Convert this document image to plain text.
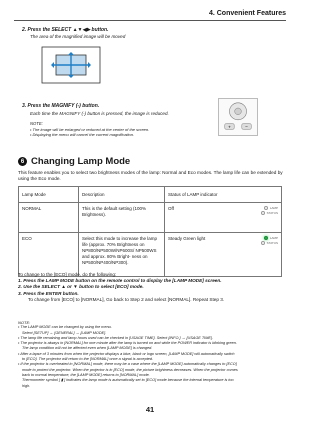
4. Convenient Features
2. Press the SELECT ▲▼◀▶ button.
The area of the magnified image will be moved
3. Press the MAGNIFY (-) button.
Each time the MAGNIFY (-) button is pressed, the image is reduced.
NOTE:
• The image will be enlarged or reduced at the center of the screen.
• Displaying the menu will cancel the current magnification.
+	−
6 Changing Lamp Mode
This feature enables you to select two brightness modes of the lamp: Normal and Eco modes. The lamp life can be extended by using the Eco mode.
Lamp Mode	Description	Status of LAMP indicator
NORMAL	This is the default setting (100% Brightness).	Off LAMP
STATUS

ECO	Select this mode to increase the lamp life (approx. 70% Brightness on NP800/NP500W/NP600S/ NP500WS and approx. 80% Bright- ness on NP500/NP400/NP300).	Steady Green light LAMP
STATUS
To change to the [ECO] mode, do the following:
1. Press the LAMP MODE button on the remote control to display the [LAMP MODE] screen.
2. Use the SELECT ▲ or ▼ button to select [ECO] mode.
3. Press the ENTER button.
To change from [ECO] to [NORMAL], Go back to Step 2 and select [NORMAL]. Repeat Step 3.
NOTE:
• The LAMP MODE can be changed by using the menu.
Select [SETUP] → [GENERAL] → [LAMP MODE].
• The lamp life remaining and lamp hours used can be checked in [USAGE TIME]. Select [INFO.] → [USAGE TIME].
• The projector is always in [NORMAL] for one minute after the lamp is turned on and while the POWER indicator is blinking green.
The lamp condition will not be affected even when [LAMP MODE] is changed.
• After a lapse of 3 minutes from when the projector displays a blue, black or logo screen, [LAMP MODE] will automatically switch
to [ECO]. The projector will return to the [NORMAL] once a signal is accepted.
• If the projector is overheated in [NORMAL] mode, there may be a case where the [LAMP MODE] automatically changes to [ECO]
mode to protect the projector. When the projector is in [ECO] mode, the picture brightness decreases. When the projector comes
back to normal temperature, the [LAMP MODE] returns to [NORMAL] mode.
Thermometer symbol [ ▮ ] indicates the lamp mode is automatically set to [ECO] mode because the internal temperature is too
high.
41
